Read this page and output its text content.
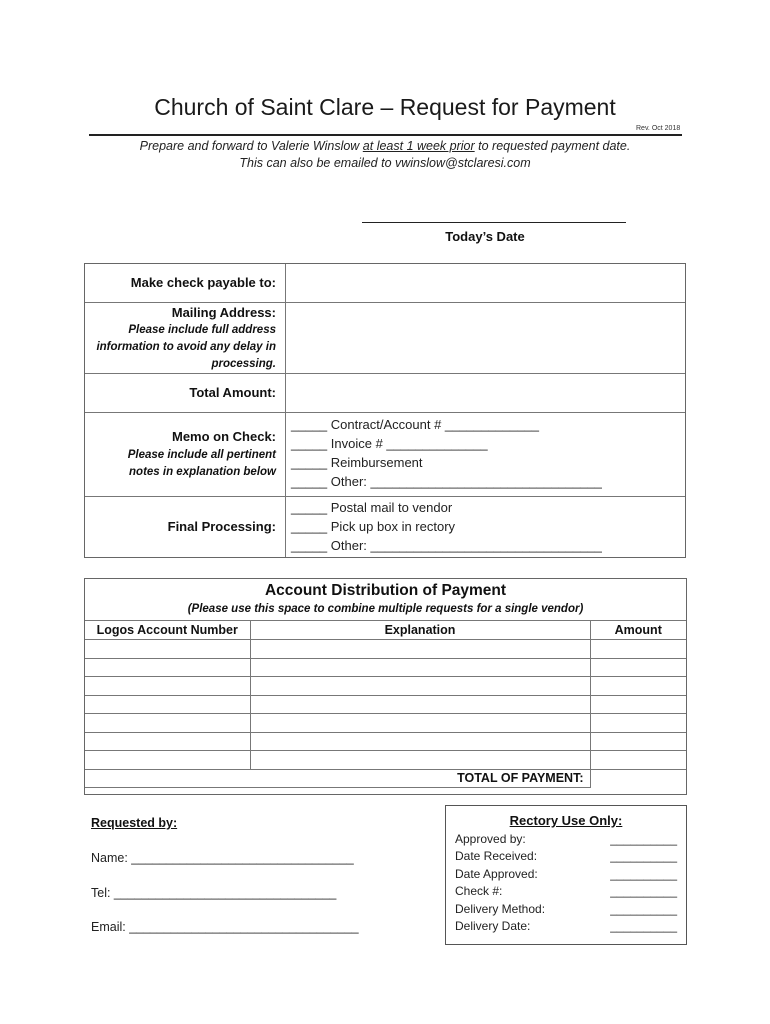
Church of Saint Clare – Request for Payment
Rev. Oct 2018
Prepare and forward to Valerie Winslow at least 1 week prior to requested payment date.
This can also be emailed to vwinslow@stclaresi.com
Today’s Date
Make check payable to:
Mailing Address:
Please include full address information to avoid any delay in processing.
Total Amount:
Memo on Check:
Please include all pertinent notes in explanation below
_____ Contract/Account # _____________
_____ Invoice # ______________
_____ Reimbursement
_____ Other: ________________________________
Final Processing:
_____ Postal mail to vendor
_____ Pick up box in rectory
_____ Other: ________________________________
Account Distribution of Payment
(Please use this space to combine multiple requests for a single vendor)
Logos Account Number	Explanation	Amount

TOTAL OF PAYMENT:		
Requested by:
Name: ________________________________
Tel: ________________________________
Email: _________________________________
Rectory Use Only:
Approved by:	__________
Date Received:	__________
Date Approved:	__________
Check #:	__________
Delivery Method:	__________
Delivery Date:	__________
